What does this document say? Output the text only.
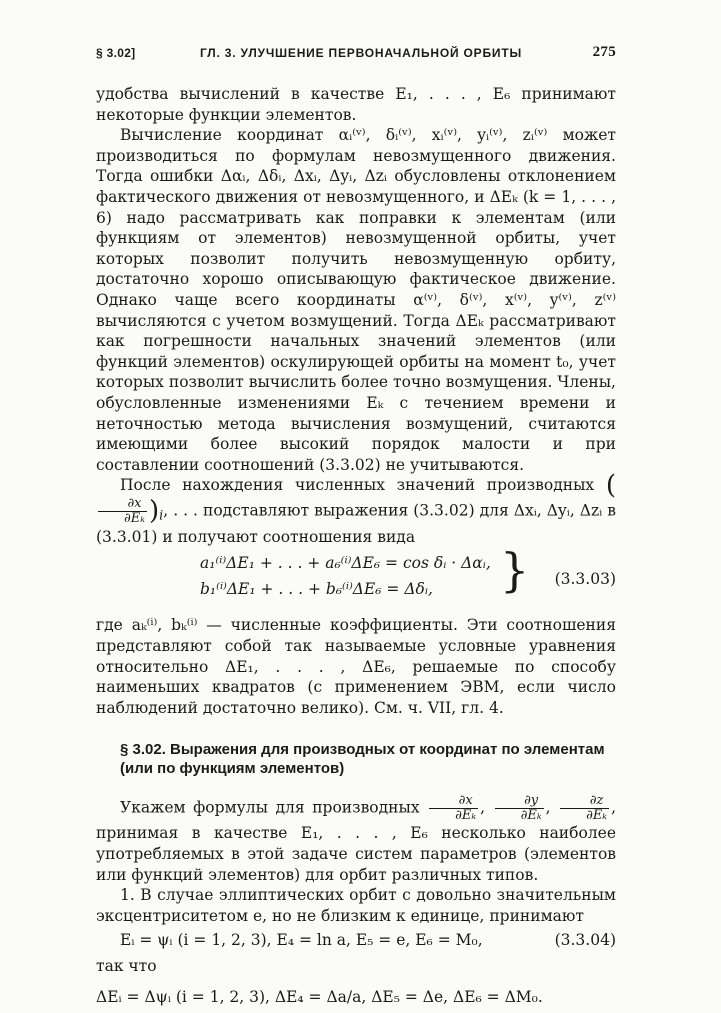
§ 3.02]	ГЛ. 3. УЛУЧШЕНИЕ ПЕРВОНАЧАЛЬНОЙ ОРБИТЫ	275

удобства вычислений в качестве E₁, . . . , E₆ принимают некоторые функции элементов.

Вычисление координат αᵢ⁽ᵛ⁾, δᵢ⁽ᵛ⁾, xᵢ⁽ᵛ⁾, yᵢ⁽ᵛ⁾, zᵢ⁽ᵛ⁾ может производиться по формулам невозмущенного движения. Тогда ошибки Δαᵢ, Δδᵢ, Δxᵢ, Δyᵢ, Δzᵢ обусловлены отклонением фактического движения от невозмущенного, и ΔEₖ (k = 1, . . . , 6) надо рассматривать как поправки к элементам (или функциям от элементов) невозмущенной орбиты, учет которых позволит получить невозмущенную орбиту, достаточно хорошо описывающую фактическое движение. Однако чаще всего координаты α⁽ᵛ⁾, δ⁽ᵛ⁾, x⁽ᵛ⁾, y⁽ᵛ⁾, z⁽ᵛ⁾ вычисляются с учетом возмущений. Тогда ΔEₖ рассматривают как погрешности начальных значений элементов (или функций элементов) оскулирующей орбиты на момент t₀, учет которых позволит вычислить более точно возмущения. Члены, обусловленные изменениями Eₖ с течением времени и неточностью метода вычисления возмущений, считаются имеющими более высокий порядок малости и при составлении соотношений (3.3.02) не учитываются.

После нахождения численных значений производных (
$\frac{\partial x}{\text{∂Eₖ}} )_i$, . . . подставляют выражения (3.3.02) для Δxᵢ, Δyᵢ, Δzᵢ в (3.3.01) и получают соотношения вида

a₁⁽ⁱ⁾ΔE₁ + . . . + a₆⁽ⁱ⁾ΔE₆ = cos δᵢ · Δαᵢ,
b₁⁽ⁱ⁾ΔE₁ + . . . + b₆⁽ⁱ⁾ΔE₆ = Δδᵢ, } (3.3.03)

где aₖ⁽ⁱ⁾, bₖ⁽ⁱ⁾ — численные коэффициенты. Эти соотношения представляют собой так называемые условные уравнения относительно ΔE₁, . . . , ΔE₆, решаемые по способу наименьших квадратов (с применением ЭВМ, если число наблюдений достаточно велико). См. ч. VII, гл. 4.

§ 3.02. Выражения для производных от координат по элементам (или по функциям элементов)

Укажем формулы для производных $\frac{\partial x}{\text{∂Eₖ}}$ , $\frac{\partial y}{\text{∂Eₖ}}$ , $\frac{\partial z}{\text{∂Eₖ}}$ , принимая в качестве E₁, . . . , E₆ несколько наиболее употребляемых в этой задаче систем параметров (элементов или функций элементов) для орбит различных типов.

1. В случае эллиптических орбит с довольно значительным эксцентриситетом e, но не близким к единице, принимают

Eᵢ = ψᵢ (i = 1, 2, 3), E₄ = ln a, E₅ = e, E₆ = M₀,	(3.3.04)

так что

ΔEᵢ = Δψᵢ (i = 1, 2, 3), ΔE₄ = Δa/a, ΔE₅ = Δe, ΔE₆ = ΔM₀.
